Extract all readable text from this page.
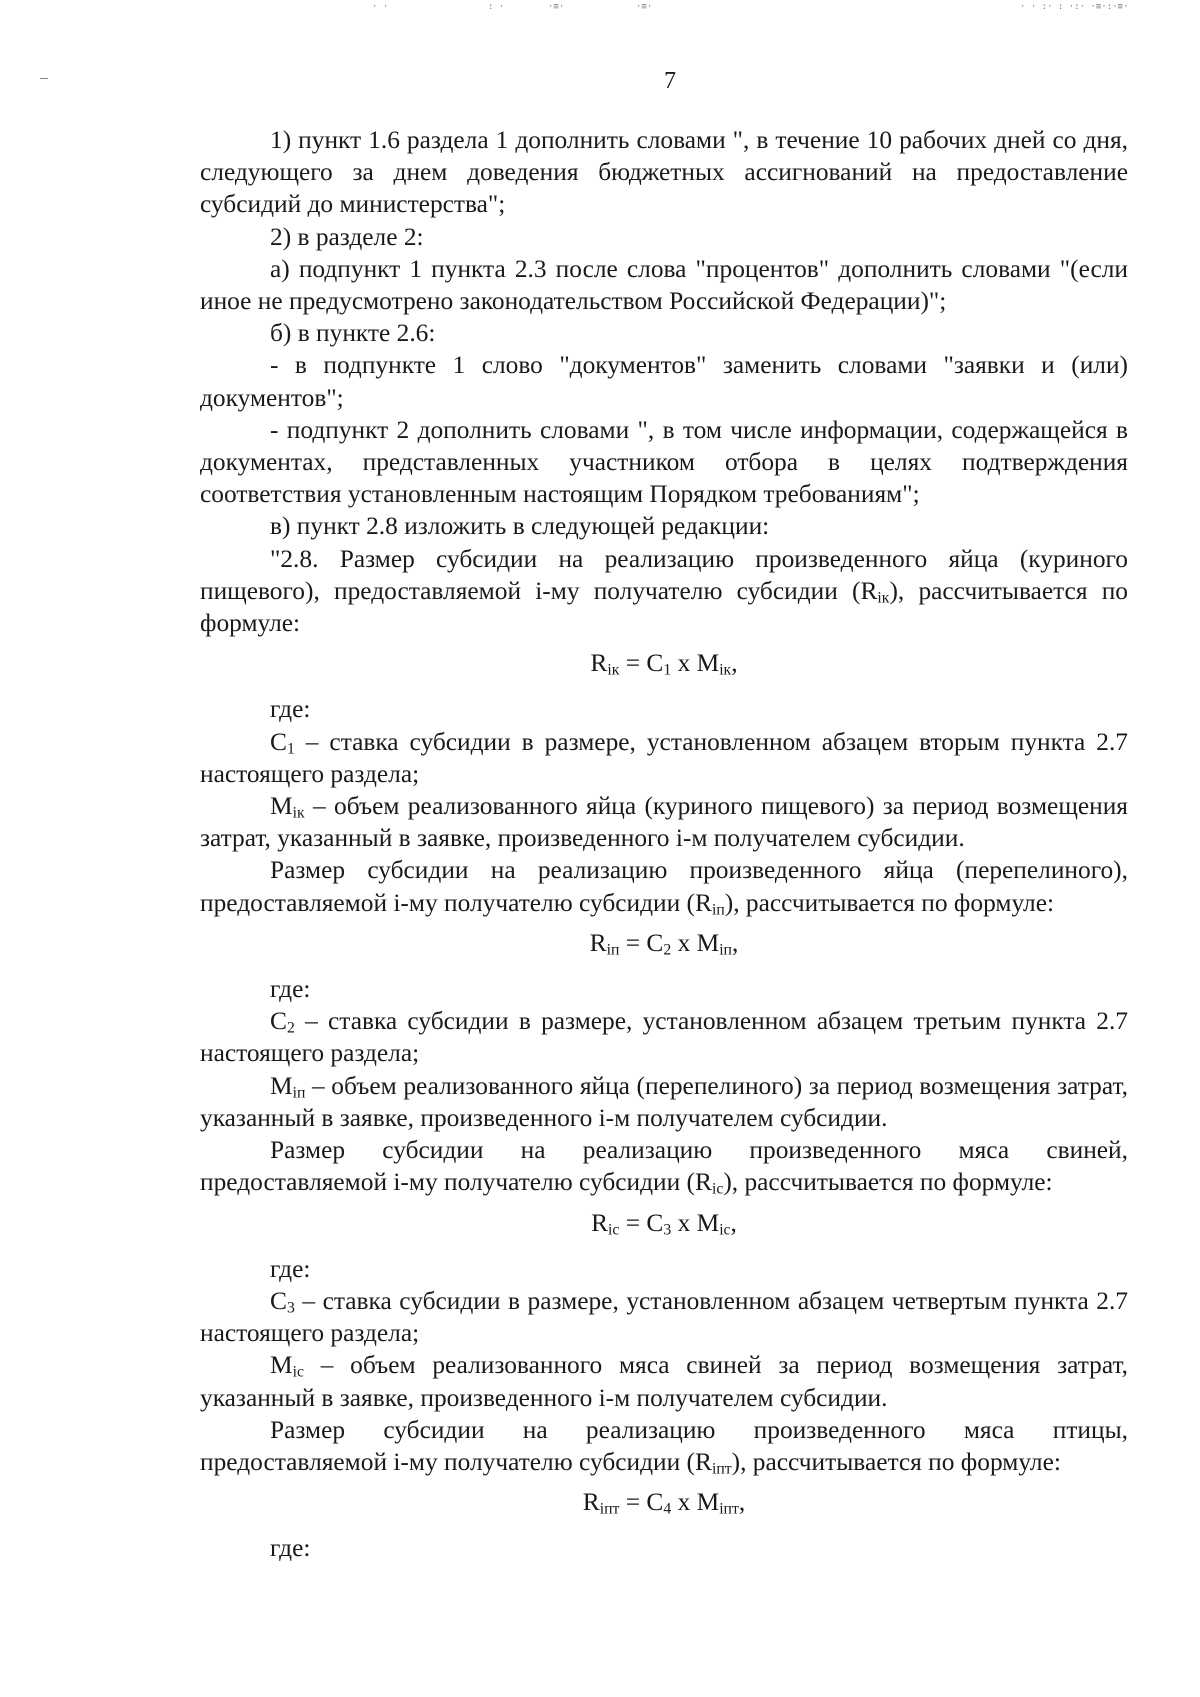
· ·	: ·	·≡·	·≡·	· · :· : ·:· ·≡·:·≡·
7

1) пункт 1.6 раздела 1 дополнить словами ", в течение 10 рабочих дней со дня, следующего за днем доведения бюджетных ассигнований на предоставление субсидий до министерства";

2) в разделе 2:

а) подпункт 1 пункта 2.3 после слова "процентов" дополнить словами "(если иное не предусмотрено законодательством Российской Федерации)";

б) в пункте 2.6:

- в подпункте 1 слово "документов" заменить словами "заявки и (или) документов";

- подпункт 2 дополнить словами ", в том числе информации, содержащейся в документах, представленных участником отбора в целях подтверждения соответствия установленным настоящим Порядком требованиям";

в) пункт 2.8 изложить в следующей редакции:

"2.8. Размер субсидии на реализацию произведенного яйца (куриного пищевого), предоставляемой i-му получателю субсидии $(R_{iк})$, рассчитывается по формуле:

$R_{iк} = C_1$ x $M_{iк}$,

где:

$C_1$ – ставка субсидии в размере, установленном абзацем вторым пункта 2.7 настоящего раздела;

$M_{iк}$ – объем реализованного яйца (куриного пищевого) за период возмещения затрат, указанный в заявке, произведенного i-м получателем субсидии.

Размер субсидии на реализацию произведенного яйца (перепелиного), предоставляемой i-му получателю субсидии $(R_{iп})$, рассчитывается по формуле:

$R_{iп} = C_2$ x $M_{iп}$,

где:

$C_2$ – ставка субсидии в размере, установленном абзацем третьим пункта 2.7 настоящего раздела;

$M_{iп}$ – объем реализованного яйца (перепелиного) за период возмещения затрат, указанный в заявке, произведенного i-м получателем субсидии.

Размер субсидии на реализацию произведенного мяса свиней, предоставляемой i-му получателю субсидии $(R_{iс})$, рассчитывается по формуле:

$R_{iс} = C_3$ x $M_{iс}$,

где:

$C_3$ – ставка субсидии в размере, установленном абзацем четвертым пункта 2.7 настоящего раздела;

$M_{iс}$ – объем реализованного мяса свиней за период возмещения затрат, указанный в заявке, произведенного i-м получателем субсидии.

Размер субсидии на реализацию произведенного мяса птицы, предоставляемой i-му получателю субсидии $(R_{iпт})$, рассчитывается по формуле:

$R_{iпт} = C_4$ x $M_{iпт}$,

где:
